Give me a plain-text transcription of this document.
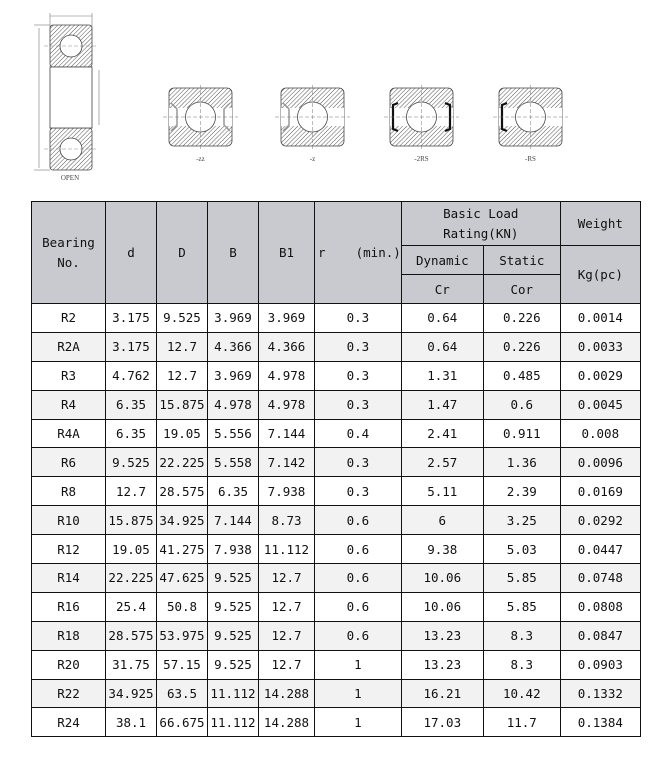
OPEN
-zz	-z	-2RS	-RS
Bearing No.	d	D	B	B1	r    (min.)	Basic Load Rating(KN)		Weight
						Dynamic	Static	Kg(pc)
						Cr	Cor	
R2	3.175	9.525	3.969	3.969	0.3	0.64	0.226	0.0014
R2A	3.175	12.7	4.366	4.366	0.3	0.64	0.226	0.0033
R3	4.762	12.7	3.969	4.978	0.3	1.31	0.485	0.0029
R4	6.35	15.875	4.978	4.978	0.3	1.47	0.6	0.0045
R4A	6.35	19.05	5.556	7.144	0.4	2.41	0.911	0.008
R6	9.525	22.225	5.558	7.142	0.3	2.57	1.36	0.0096
R8	12.7	28.575	6.35	7.938	0.3	5.11	2.39	0.0169
R10	15.875	34.925	7.144	8.73	0.6	6	3.25	0.0292
R12	19.05	41.275	7.938	11.112	0.6	9.38	5.03	0.0447
R14	22.225	47.625	9.525	12.7	0.6	10.06	5.85	0.0748
R16	25.4	50.8	9.525	12.7	0.6	10.06	5.85	0.0808
R18	28.575	53.975	9.525	12.7	0.6	13.23	8.3	0.0847
R20	31.75	57.15	9.525	12.7	1	13.23	8.3	0.0903
R22	34.925	63.5	11.112	14.288	1	16.21	10.42	0.1332
R24	38.1	66.675	11.112	14.288	1	17.03	11.7	0.1384
